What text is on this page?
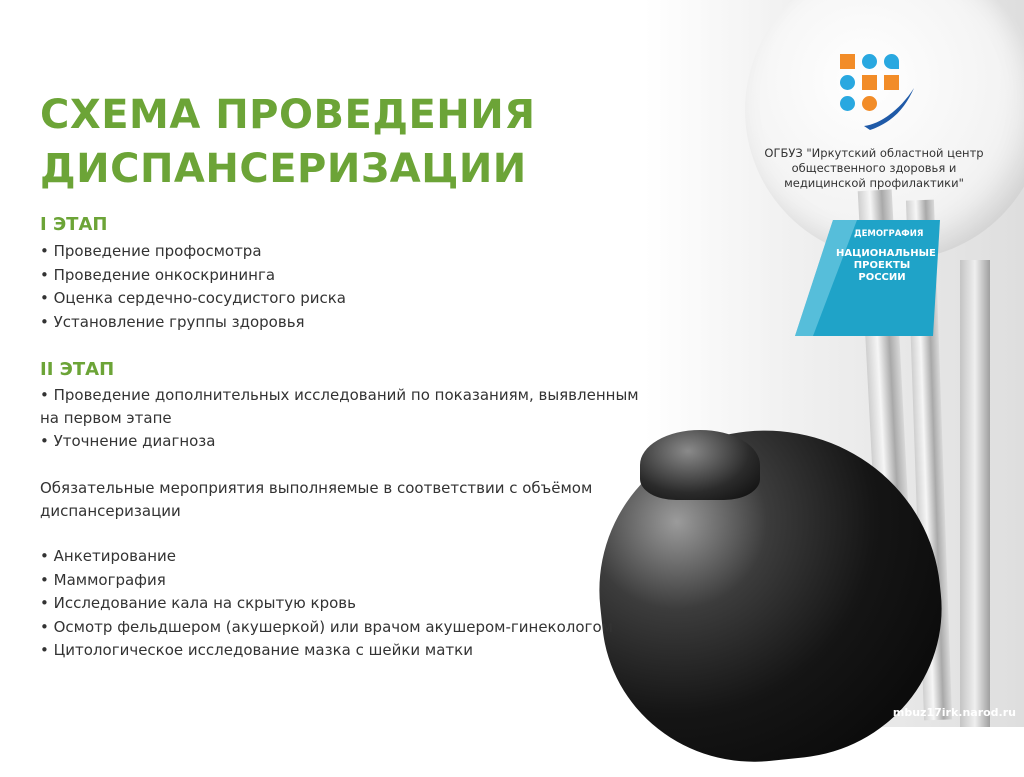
СХЕМА ПРОВЕДЕНИЯ
ДИСПАНСЕРИЗАЦИИ
I ЭТАП
• Проведение профосмотра
• Проведение онкоскрининга
• Оценка сердечно-сосудистого риска
• Установление группы здоровья
II ЭТАП
• Проведение дополнительных исследований по показаниям, выявленным
на первом этапе
• Уточнение диагноза
Обязательные мероприятия выполняемые в соответствии с объёмом
диспансеризации
• Анкетирование
• Маммография
• Исследование кала на скрытую кровь
• Осмотр фельдшером (акушеркой) или врачом акушером-гинекологом
• Цитологическое исследование мазка с шейки матки
ОГБУЗ "Иркутский областной центр
общественного здоровья и
медицинской профилактики"
ДЕМОГРАФИЯ
НАЦИОНАЛЬНЫЕ
ПРОЕКТЫ
РОССИИ
mbuz17irk.narod.ru
